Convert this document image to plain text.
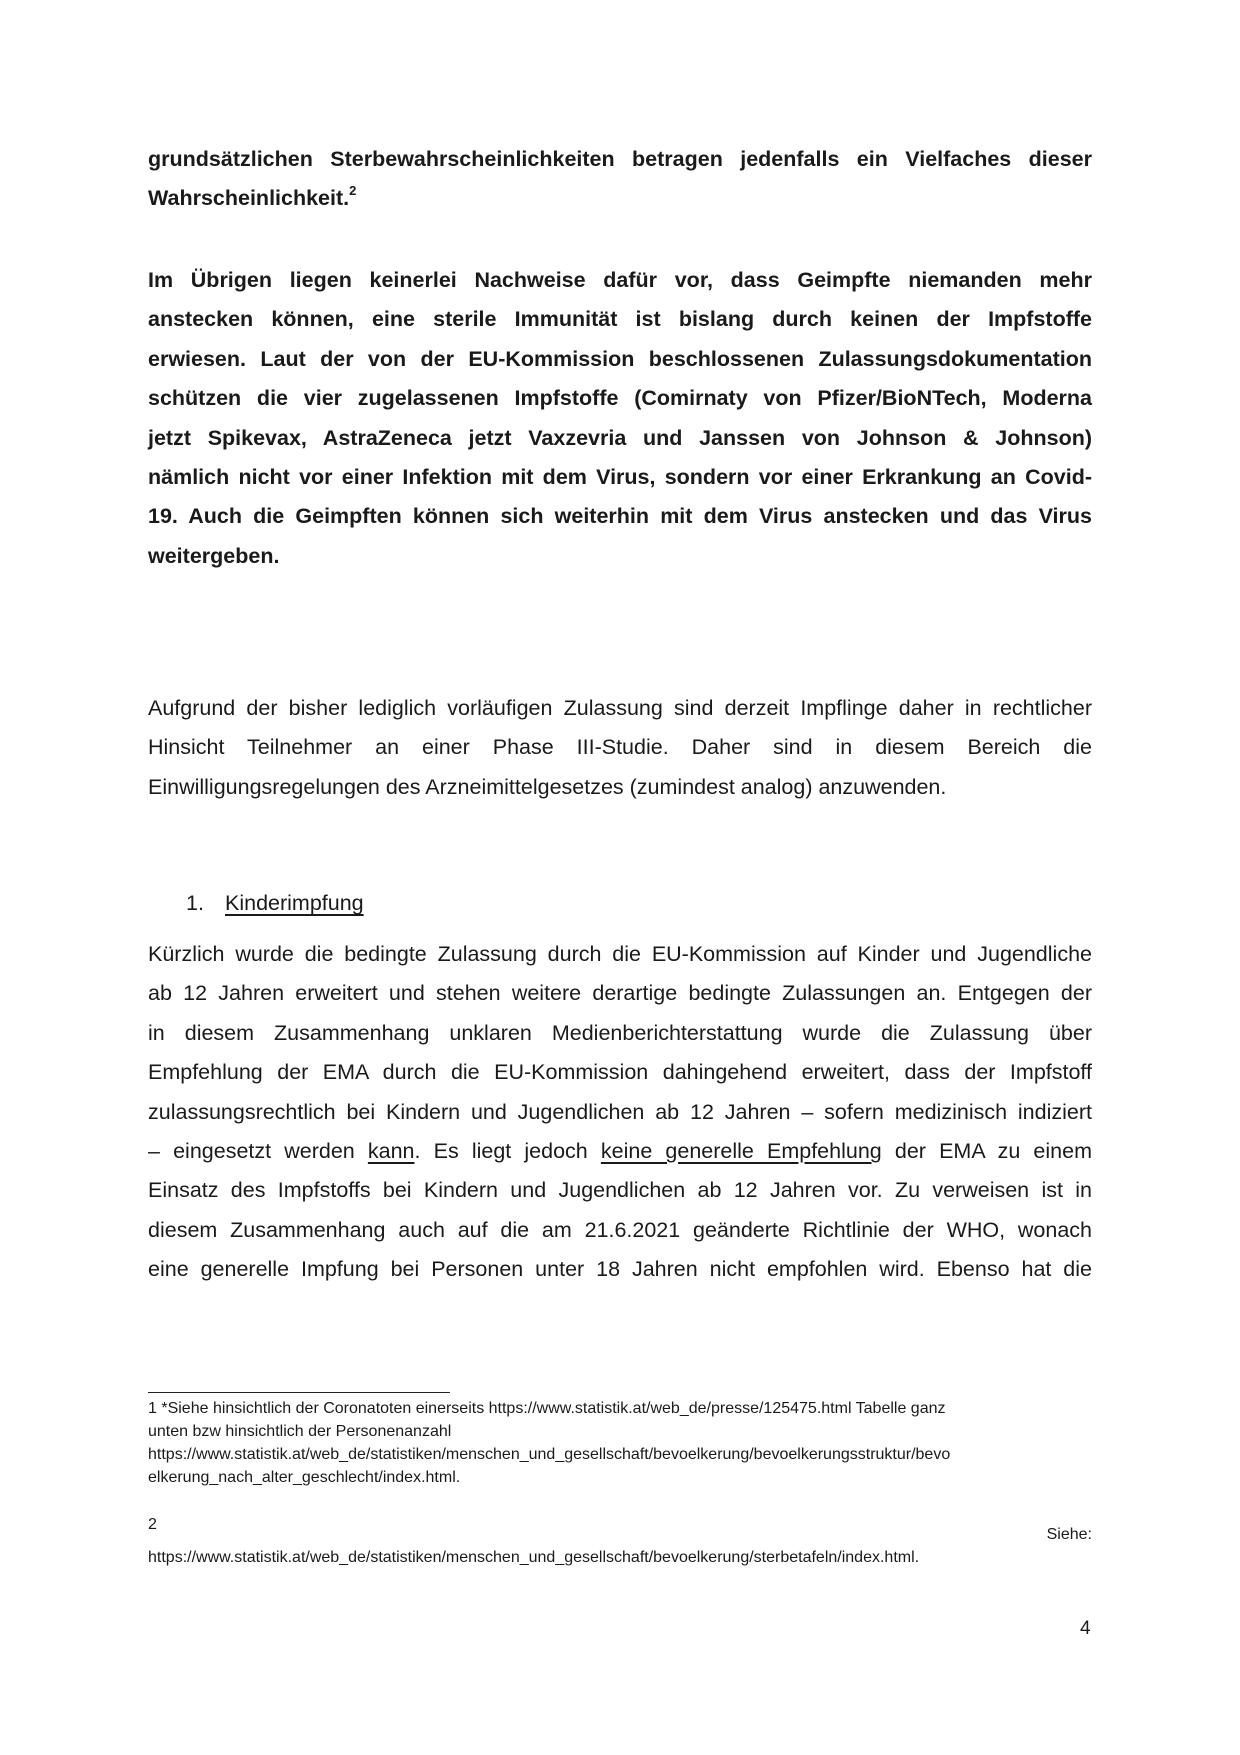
grundsätzlichen Sterbewahrscheinlichkeiten betragen jedenfalls ein Vielfaches dieser
Wahrscheinlichkeit.$^2$
Im Übrigen liegen keinerlei Nachweise dafür vor, dass Geimpfte niemanden mehr
anstecken können, eine sterile Immunität ist bislang durch keinen der Impfstoffe
erwiesen. Laut der von der EU-Kommission beschlossenen Zulassungsdokumentation
schützen die vier zugelassenen Impfstoffe (Comirnaty von Pfizer/BioNTech, Moderna
jetzt Spikevax, AstraZeneca jetzt Vaxzevria und Janssen von Johnson & Johnson)
nämlich nicht vor einer Infektion mit dem Virus, sondern vor einer Erkrankung an Covid-
19. Auch die Geimpften können sich weiterhin mit dem Virus anstecken und das Virus
weitergeben.
Aufgrund der bisher lediglich vorläufigen Zulassung sind derzeit Impflinge daher in rechtlicher
Hinsicht Teilnehmer an einer Phase III-Studie. Daher sind in diesem Bereich die
Einwilligungsregelungen des Arzneimittelgesetzes (zumindest analog) anzuwenden.
1. Kinderimpfung
Kürzlich wurde die bedingte Zulassung durch die EU-Kommission auf Kinder und Jugendliche
ab 12 Jahren erweitert und stehen weitere derartige bedingte Zulassungen an. Entgegen der
in diesem Zusammenhang unklaren Medienberichterstattung wurde die Zulassung über
Empfehlung der EMA durch die EU-Kommission dahingehend erweitert, dass der Impfstoff
zulassungsrechtlich bei Kindern und Jugendlichen ab 12 Jahren – sofern medizinisch indiziert
– eingesetzt werden kann. Es liegt jedoch keine generelle Empfehlung der EMA zu einem
Einsatz des Impfstoffs bei Kindern und Jugendlichen ab 12 Jahren vor. Zu verweisen ist in
diesem Zusammenhang auch auf die am 21.6.2021 geänderte Richtlinie der WHO, wonach
eine generelle Impfung bei Personen unter 18 Jahren nicht empfohlen wird. Ebenso hat die
1 *Siehe hinsichtlich der Coronatoten einerseits https://www.statistik.at/web_de/presse/125475.html Tabelle ganz
unten bzw hinsichtlich der Personenanzahl
https://www.statistik.at/web_de/statistiken/menschen_und_gesellschaft/bevoelkerung/bevoelkerungsstruktur/bevo
elkerung_nach_alter_geschlecht/index.html.
2
Siehe:
https://www.statistik.at/web_de/statistiken/menschen_und_gesellschaft/bevoelkerung/sterbetafeln/index.html.
4
